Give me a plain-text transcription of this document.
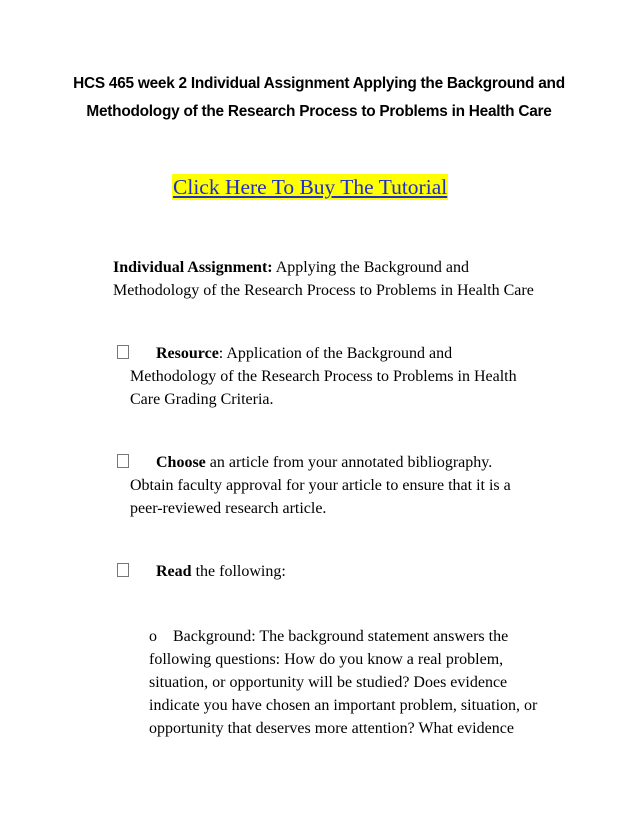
HCS 465 week 2 Individual Assignment Applying the Background and
Methodology of the Research Process to Problems in Health Care
Click Here To Buy The Tutorial
Individual Assignment: Applying the Background and
Methodology of the Research Process to Problems in Health Care
Resource: Application of the Background and
Methodology of the Research Process to Problems in Health
Care Grading Criteria.
Choose an article from your annotated bibliography.
Obtain faculty approval for your article to ensure that it is a
peer-reviewed research article.
Read the following:
o Background: The background statement answers the
following questions: How do you know a real problem,
situation, or opportunity will be studied? Does evidence
indicate you have chosen an important problem, situation, or
opportunity that deserves more attention? What evidence
